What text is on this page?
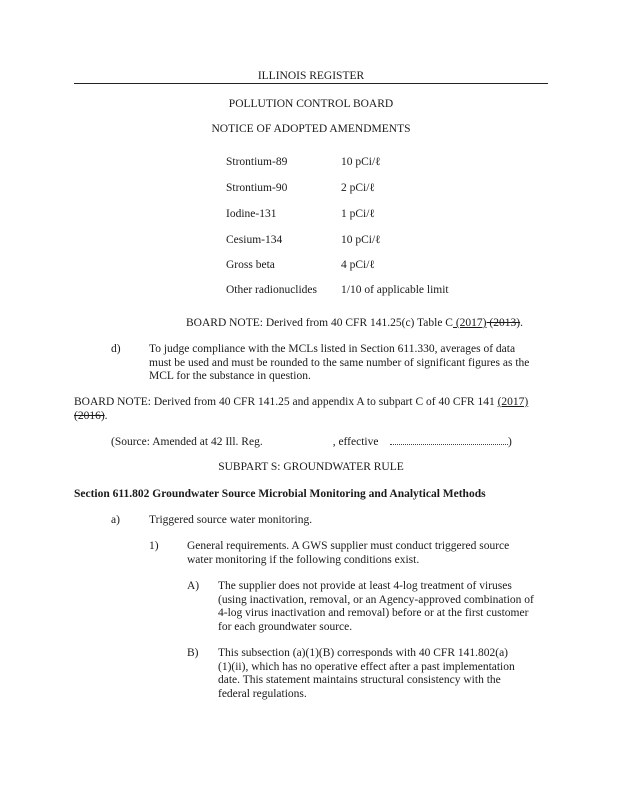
ILLINOIS REGISTER
POLLUTION CONTROL BOARD
NOTICE OF ADOPTED AMENDMENTS
Strontium-89	10 pCi/ℓ
Strontium-90	2 pCi/ℓ
Iodine-131	1 pCi/ℓ
Cesium-134	10 pCi/ℓ
Gross beta	4 pCi/ℓ
Other radionuclides 1/10 of applicable limit
BOARD NOTE: Derived from 40 CFR 141.25(c) Table C (2017) (2013).
d) To judge compliance with the MCLs listed in Section 611.330, averages of data must be used and must be rounded to the same number of significant figures as the MCL for the substance in question.
BOARD NOTE: Derived from 40 CFR 141.25 and appendix A to subpart C of 40 CFR 141 (2017) (2016).
(Source: Amended at 42 Ill. Reg.	, effective	)
SUBPART S: GROUNDWATER RULE
Section 611.802 Groundwater Source Microbial Monitoring and Analytical Methods
a)	Triggered source water monitoring.
1) General requirements. A GWS supplier must conduct triggered source water monitoring if the following conditions exist.
A) The supplier does not provide at least 4-log treatment of viruses (using inactivation, removal, or an Agency-approved combination of 4-log virus inactivation and removal) before or at the first customer for each groundwater source.
B) This subsection (a)(1)(B) corresponds with 40 CFR 141.802(a)(1)(ii), which has no operative effect after a past implementation date. This statement maintains structural consistency with the federal regulations.
